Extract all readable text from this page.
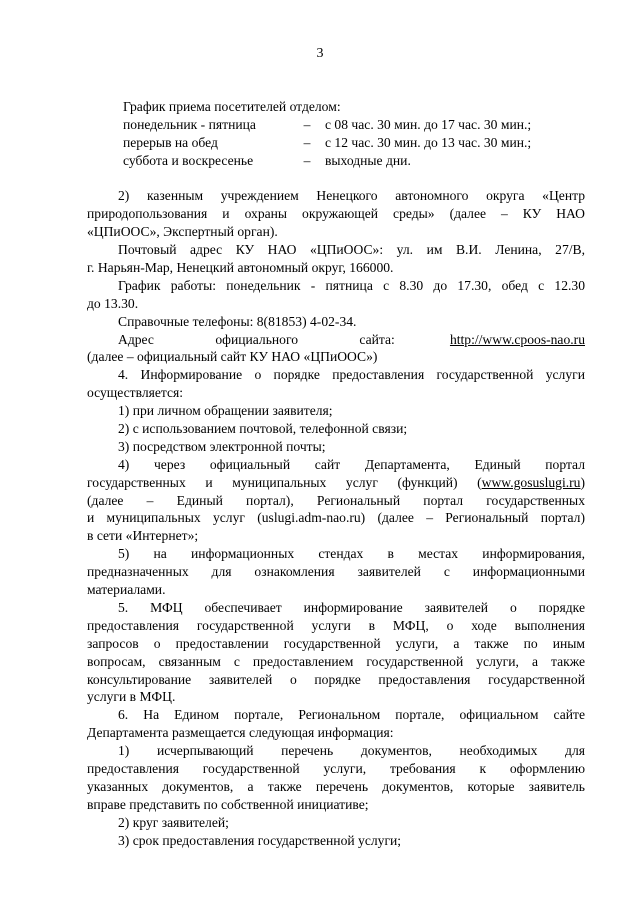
3
График приема посетителей отделом:
понедельник - пятница	–	с 08 час. 30 мин. до 17 час. 30 мин.;
перерыв на обед	–	с 12 час. 30 мин. до 13 час. 30 мин.;
суббота и воскресенье	–	выходные дни.
2) казенным учреждением Ненецкого автономного округа «Центр
природопользования и охраны окружающей среды» (далее – КУ НАО
«ЦПиООС», Экспертный орган).
Почтовый адрес КУ НАО «ЦПиООС»: ул. им В.И. Ленина, 27/В,
г. Нарьян-Мар, Ненецкий автономный округ, 166000.
График работы: понедельник - пятница с 8.30 до 17.30, обед с 12.30
до 13.30.
Справочные телефоны: 8(81853) 4-02-34.
Адрес официального сайта:	http://www.cpoos-nao.ru
(далее – официальный сайт КУ НАО «ЦПиООС»)
4. Информирование о порядке предоставления государственной услуги
осуществляется:
1) при личном обращении заявителя;
2) с использованием почтовой, телефонной связи;
3) посредством электронной почты;
4) через официальный сайт Департамента, Единый портал
государственных и муниципальных услуг (функций) ( www.gosuslugi.ru )
(далее – Единый портал), Региональный портал государственных
и муниципальных услуг (uslugi.adm-nao.ru) (далее – Региональный портал)
в сети «Интернет»;
5) на информационных стендах в местах информирования,
предназначенных для ознакомления заявителей с информационными
материалами.
5. МФЦ обеспечивает информирование заявителей о порядке
предоставления государственной услуги в МФЦ, о ходе выполнения
запросов о предоставлении государственной услуги, а также по иным
вопросам, связанным с предоставлением государственной услуги, а также
консультирование заявителей о порядке предоставления государственной
услуги в МФЦ.
6. На Едином портале, Региональном портале, официальном сайте
Департамента размещается следующая информация:
1) исчерпывающий перечень документов, необходимых для
предоставления государственной услуги, требования к оформлению
указанных документов, а также перечень документов, которые заявитель
вправе представить по собственной инициативе;
2) круг заявителей;
3) срок предоставления государственной услуги;
